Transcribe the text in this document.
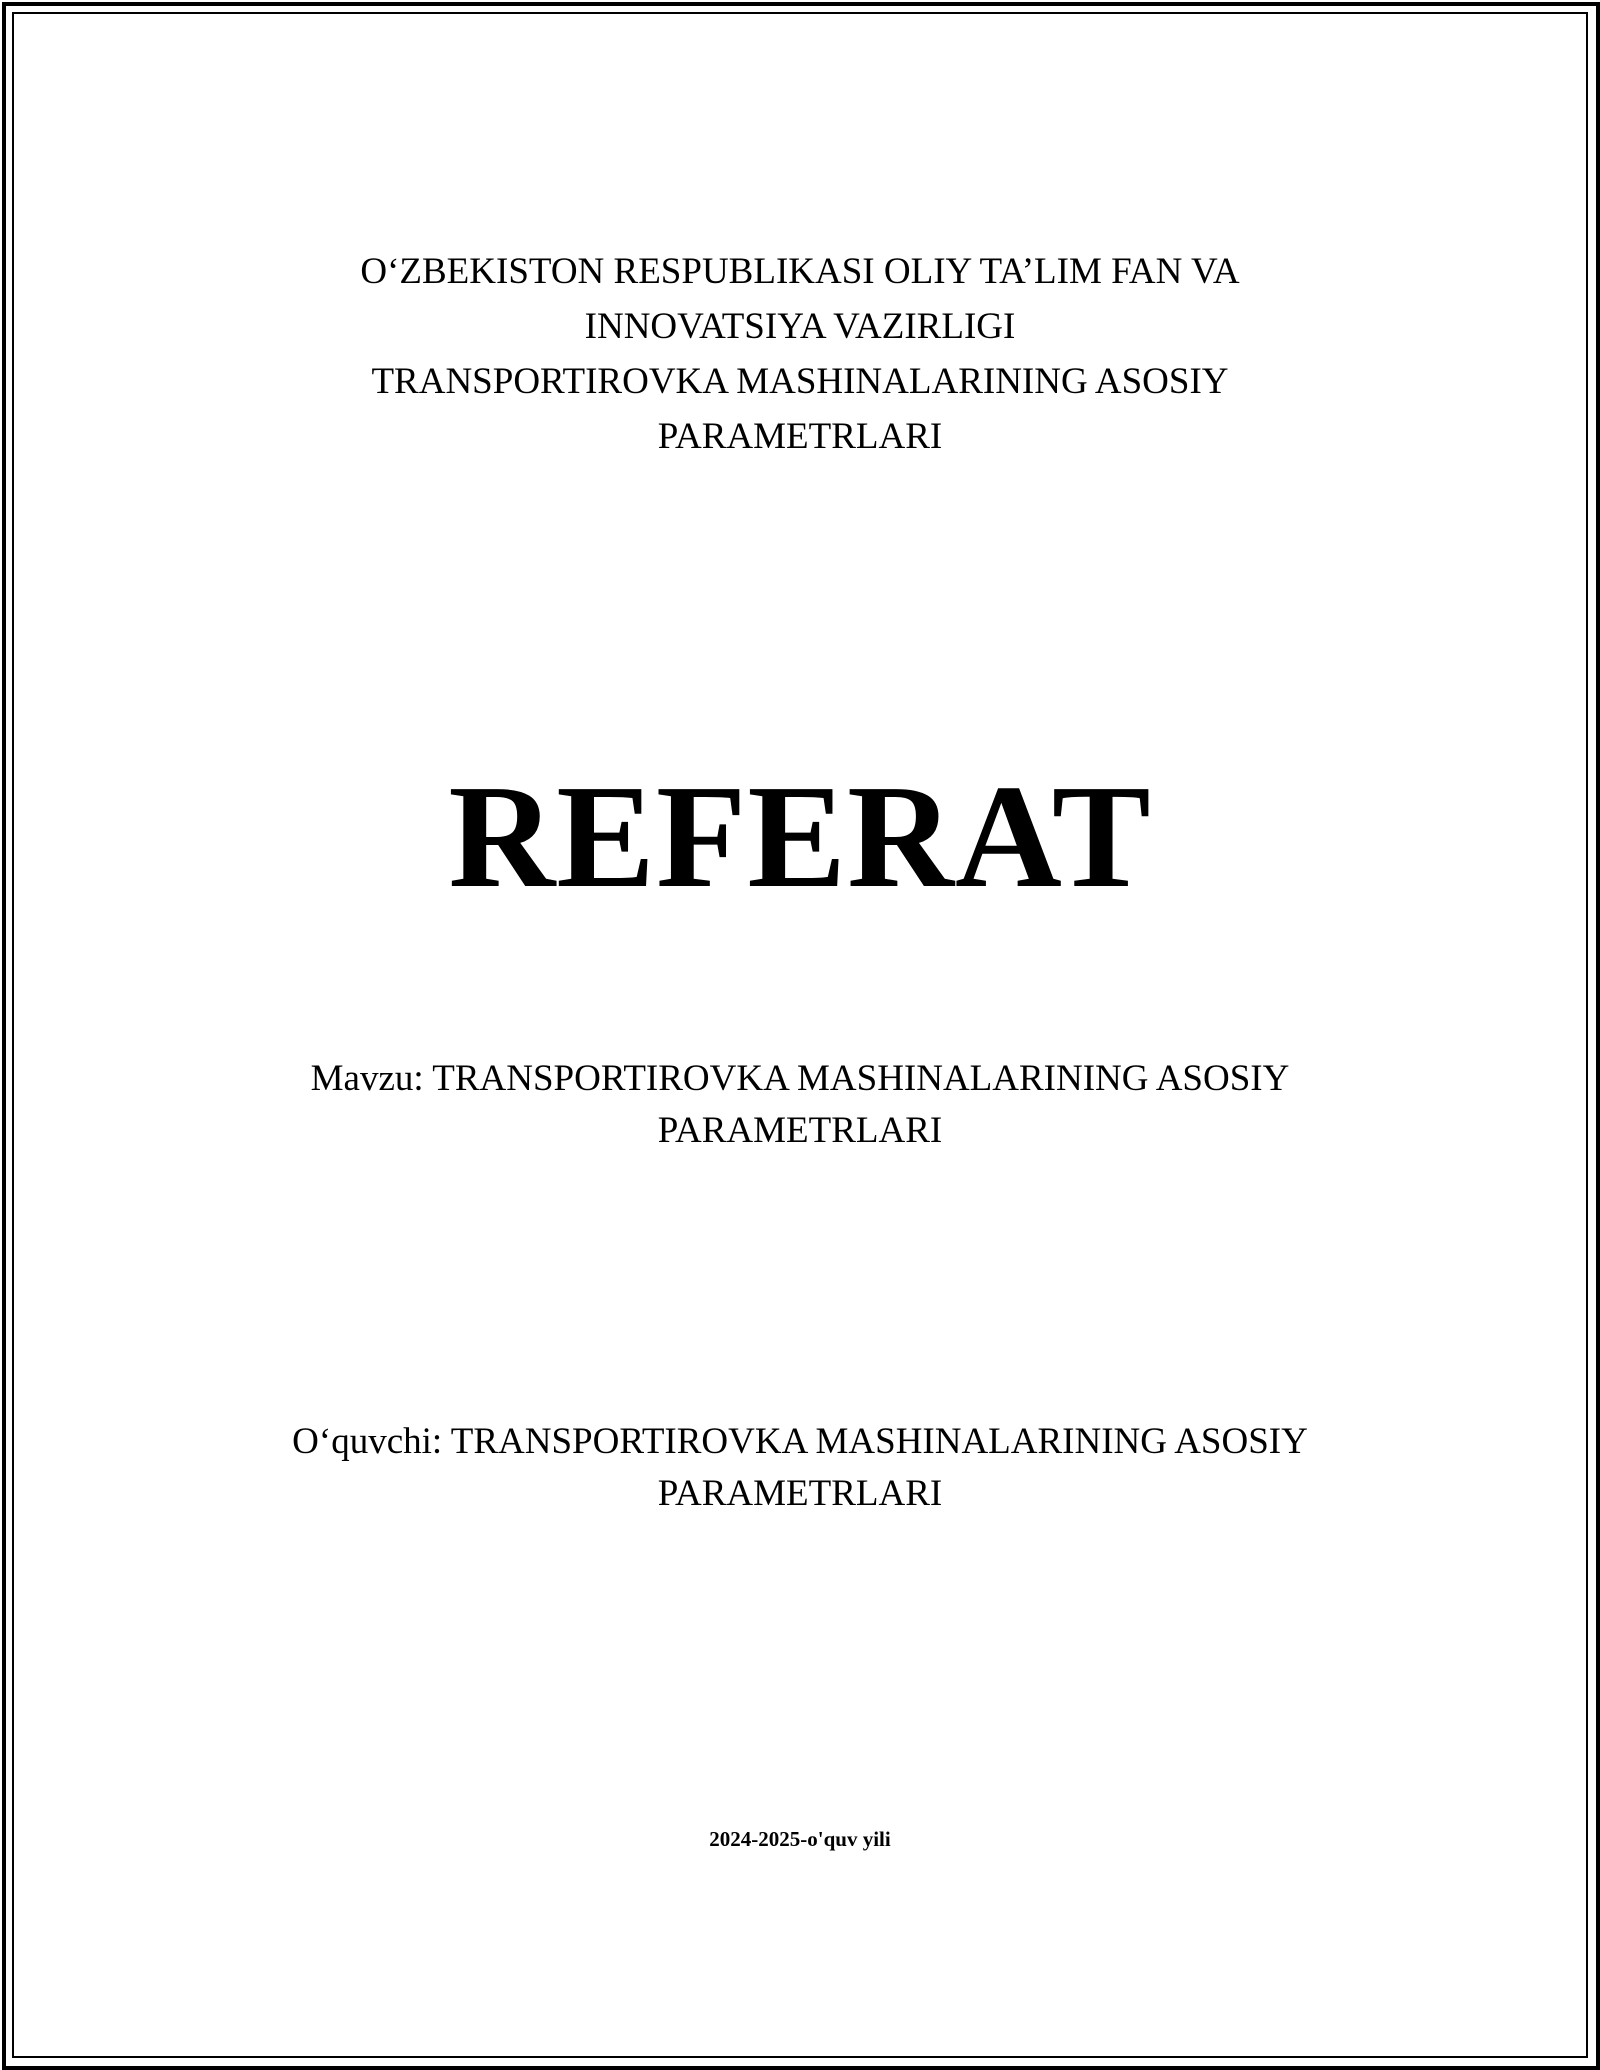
O‘ZBEKISTON RESPUBLIKASI OLIY TA’LIM FAN VA
INNOVATSIYA VAZIRLIGI
TRANSPORTIROVKA MASHINALARINING ASOSIY
PARAMETRLARI
REFERAT
Mavzu: TRANSPORTIROVKA MASHINALARINING ASOSIY
PARAMETRLARI
O‘quvchi: TRANSPORTIROVKA MASHINALARINING ASOSIY
PARAMETRLARI
2024-2025-o'quv yili
